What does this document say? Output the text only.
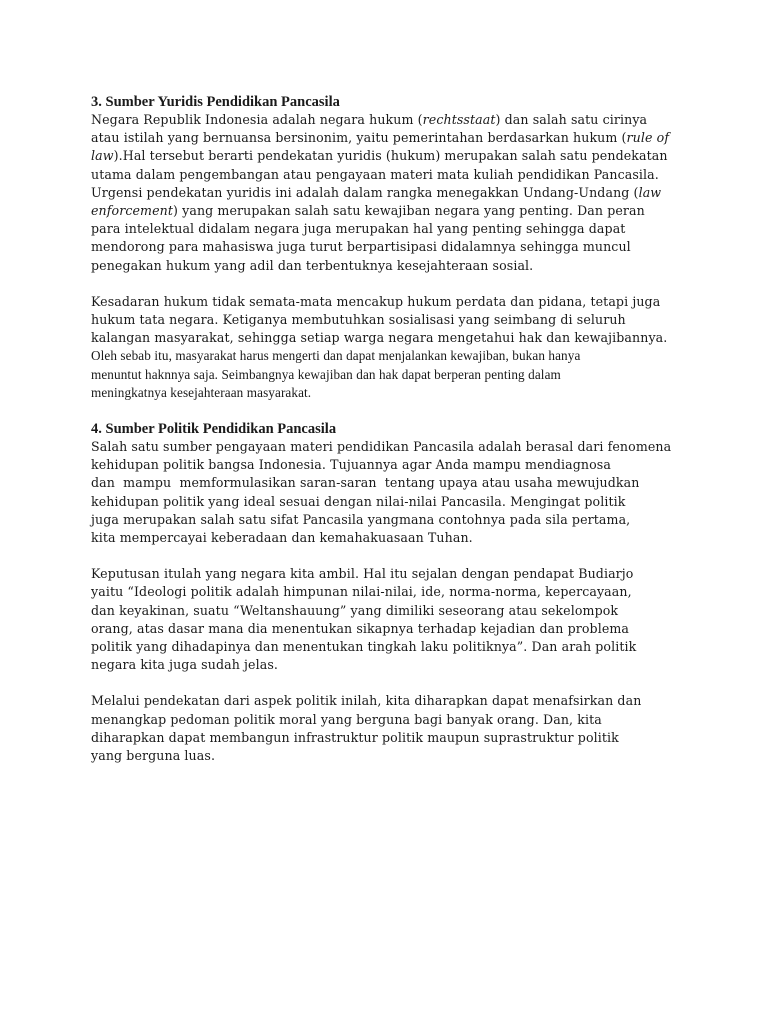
3. Sumber Yuridis Pendidikan Pancasila
Negara Republik Indonesia adalah negara hukum (rechtsstaat) dan salah satu cirinya
atau istilah yang bernuansa bersinonim, yaitu pemerintahan berdasarkan hukum (rule of
law).Hal tersebut berarti pendekatan yuridis (hukum) merupakan salah satu pendekatan
utama dalam pengembangan atau pengayaan materi mata kuliah pendidikan Pancasila.
Urgensi pendekatan yuridis ini adalah dalam rangka menegakkan Undang-Undang (law
enforcement) yang merupakan salah satu kewajiban negara yang penting. Dan peran
para intelektual didalam negara juga merupakan hal yang penting sehingga dapat
mendorong para mahasiswa juga turut berpartisipasi didalamnya sehingga muncul
penegakan hukum yang adil dan terbentuknya kesejahteraan sosial.
Kesadaran hukum tidak semata-mata mencakup hukum perdata dan pidana, tetapi juga
hukum tata negara. Ketiganya membutuhkan sosialisasi yang seimbang di seluruh
kalangan masyarakat, sehingga setiap warga negara mengetahui hak dan kewajibannya.
Oleh sebab itu, masyarakat harus mengerti dan dapat menjalankan kewajiban, bukan hanya
menuntut haknnya saja. Seimbangnya kewajiban dan hak dapat berperan penting dalam
meningkatnya kesejahteraan masyarakat.
4. Sumber Politik Pendidikan Pancasila
Salah satu sumber pengayaan materi pendidikan Pancasila adalah berasal dari fenomena
kehidupan politik bangsa Indonesia. Tujuannya agar Anda mampu mendiagnosa
dan  mampu  memformulasikan saran-saran  tentang upaya atau usaha mewujudkan
kehidupan politik yang ideal sesuai dengan nilai-nilai Pancasila. Mengingat politik
juga merupakan salah satu sifat Pancasila yangmana contohnya pada sila pertama,
kita mempercayai keberadaan dan kemahakuasaan Tuhan.
Keputusan itulah yang negara kita ambil. Hal itu sejalan dengan pendapat Budiarjo
yaitu “Ideologi politik adalah himpunan nilai-nilai, ide, norma-norma, kepercayaan,
dan keyakinan, suatu “Weltanshauung” yang dimiliki seseorang atau sekelompok
orang, atas dasar mana dia menentukan sikapnya terhadap kejadian dan problema
politik yang dihadapinya dan menentukan tingkah laku politiknya”. Dan arah politik
negara kita juga sudah jelas.
Melalui pendekatan dari aspek politik inilah, kita diharapkan dapat menafsirkan dan
menangkap pedoman politik moral yang berguna bagi banyak orang. Dan, kita
diharapkan dapat membangun infrastruktur politik maupun suprastruktur politik
yang berguna luas.
